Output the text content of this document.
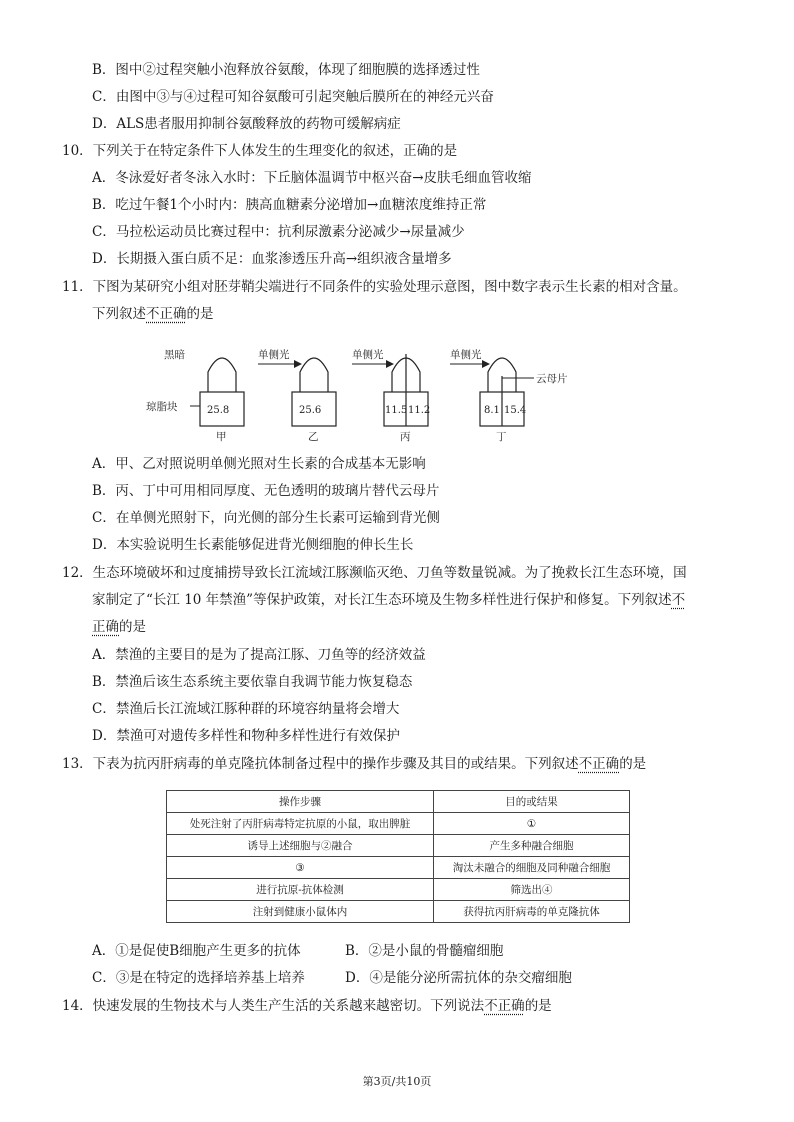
B．图中②过程突触小泡释放谷氨酸，体现了细胞膜的选择透过性
C．由图中③与④过程可知谷氨酸可引起突触后膜所在的神经元兴奋
D．ALS患者服用抑制谷氨酸释放的药物可缓解病症
10．下列关于在特定条件下人体发生的生理变化的叙述，正确的是
A．冬泳爱好者冬泳入水时：下丘脑体温调节中枢兴奋→皮肤毛细血管收缩
B．吃过午餐1个小时内：胰高血糖素分泌增加→血糖浓度维持正常
C．马拉松运动员比赛过程中：抗利尿激素分泌减少→尿量减少
D．长期摄入蛋白质不足：血浆渗透压升高→组织液含量增多
11．下图为某研究小组对胚芽鞘尖端进行不同条件的实验处理示意图，图中数字表示生长素的相对含量。
下列叙述不正确的是
黑暗
25.8
琼脂块
甲
单侧光
25.6
乙
单侧光
11.5 11.2
丙
单侧光
云母片
8.1 15.4
丁
A．甲、乙对照说明单侧光照对生长素的合成基本无影响
B．丙、丁中可用相同厚度、无色透明的玻璃片替代云母片
C．在单侧光照射下，向光侧的部分生长素可运输到背光侧
D．本实验说明生长素能够促进背光侧细胞的伸长生长
12．生态环境破坏和过度捕捞导致长江流域江豚濒临灭绝、刀鱼等数量锐减。为了挽救长江生态环境，国
家制定了“长江 10 年禁渔”等保护政策，对长江生态环境及生物多样性进行保护和修复。下列叙述不
正确的是
A．禁渔的主要目的是为了提高江豚、刀鱼等的经济效益
B．禁渔后该生态系统主要依靠自我调节能力恢复稳态
C．禁渔后长江流域江豚种群的环境容纳量将会增大
D．禁渔可对遗传多样性和物种多样性进行有效保护
13．下表为抗丙肝病毒的单克隆抗体制备过程中的操作步骤及其目的或结果。下列叙述不正确的是
操作步骤	目的或结果
处死注射了丙肝病毒特定抗原的小鼠，取出脾脏	①
诱导上述细胞与②融合	产生多种融合细胞
③	淘汰未融合的细胞及同种融合细胞
进行抗原-抗体检测	筛选出④
注射到健康小鼠体内	获得抗丙肝病毒的单克隆抗体
A．①是促使B细胞产生更多的抗体	B．②是小鼠的骨髓瘤细胞
C．③是在特定的选择培养基上培养	D．④是能分泌所需抗体的杂交瘤细胞
14．快速发展的生物技术与人类生产生活的关系越来越密切。下列说法不正确的是
第3页/共10页
